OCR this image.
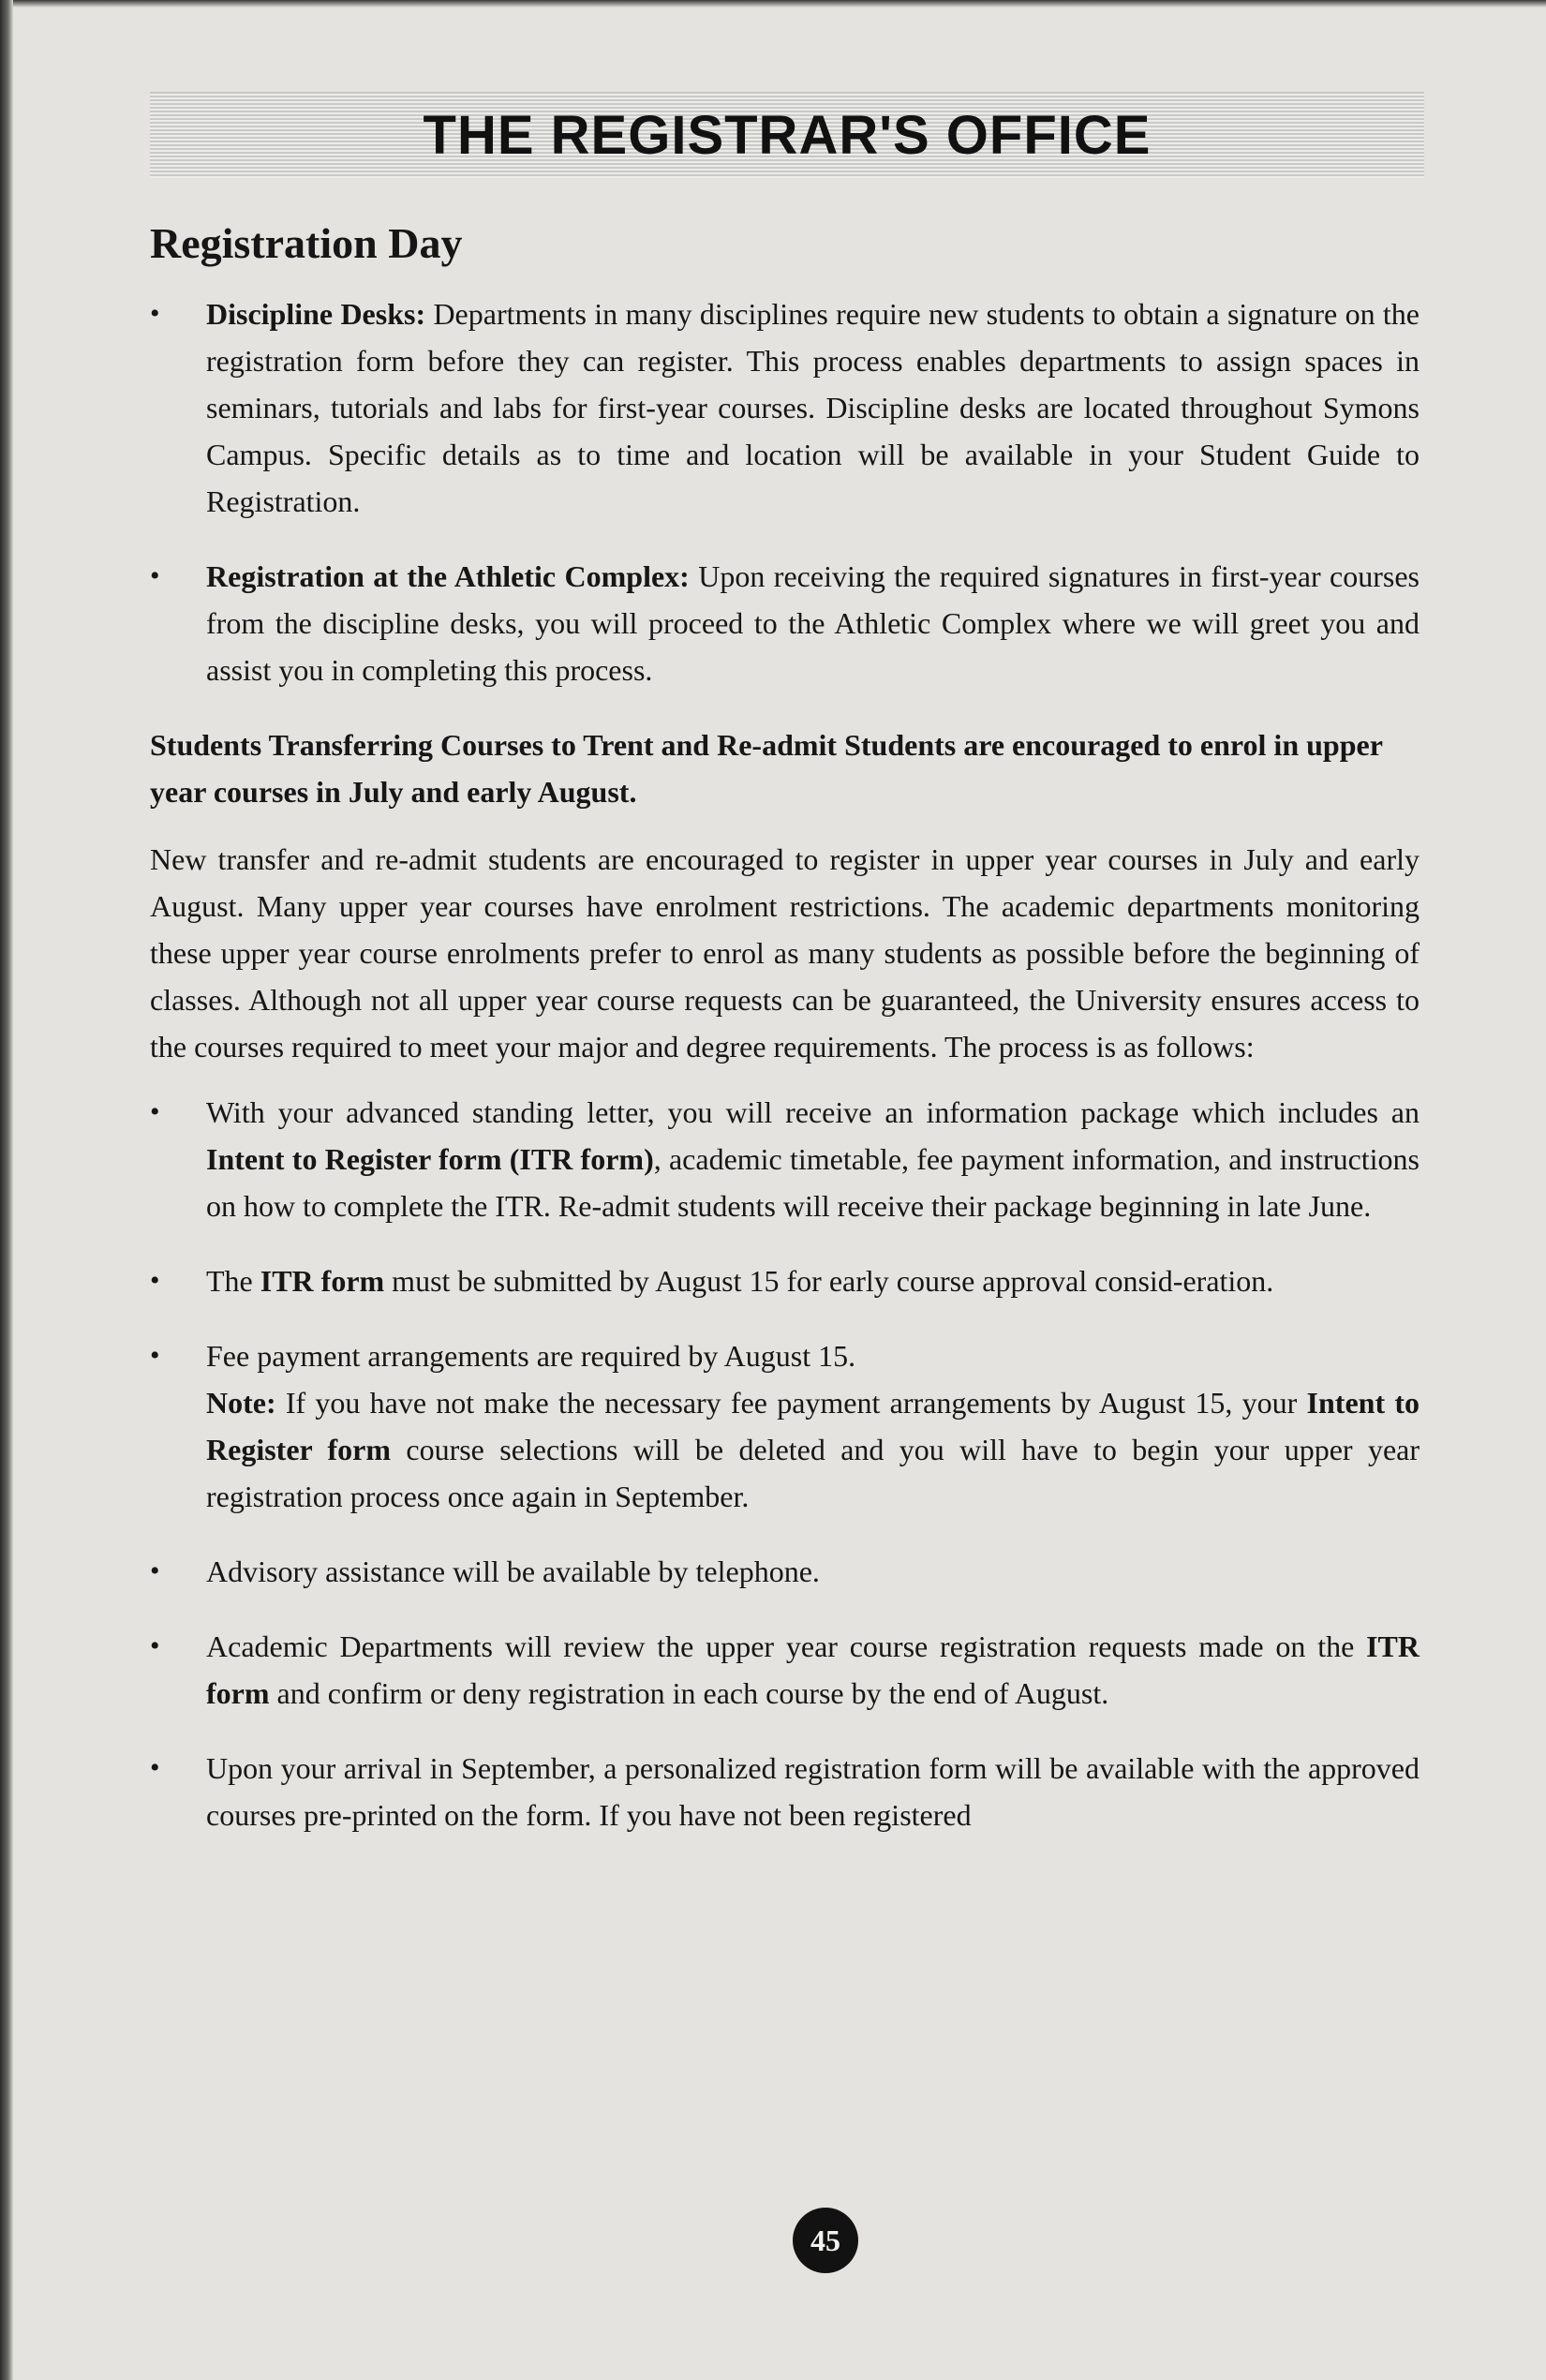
THE REGISTRAR'S OFFICE
Registration Day
• Discipline Desks: Departments in many disciplines require new students to obtain a signature on the registration form before they can register. This process enables departments to assign spaces in seminars, tutorials and labs for first-year courses. Discipline desks are located throughout Symons Campus. Specific details as to time and location will be available in your Student Guide to Registration.
• Registration at the Athletic Complex: Upon receiving the required signatures in first-year courses from the discipline desks, you will proceed to the Athletic Complex where we will greet you and assist you in completing this process.

Students Transferring Courses to Trent and Re-admit Students are encouraged to enrol in upper year courses in July and early August.

New transfer and re-admit students are encouraged to register in upper year courses in July and early August. Many upper year courses have enrolment restrictions. The academic departments monitoring these upper year course enrolments prefer to enrol as many students as possible before the beginning of classes. Although not all upper year course requests can be guaranteed, the University ensures access to the courses required to meet your major and degree requirements. The process is as follows:

• With your advanced standing letter, you will receive an information package which includes an Intent to Register form (ITR form), academic timetable, fee payment information, and instructions on how to complete the ITR. Re-admit students will receive their package beginning in late June.
• The ITR form must be submitted by August 15 for early course approval consid-eration.
• Fee payment arrangements are required by August 15.
Note: If you have not make the necessary fee payment arrangements by August 15, your Intent to Register form course selections will be deleted and you will have to begin your upper year registration process once again in September.
• Advisory assistance will be available by telephone.
• Academic Departments will review the upper year course registration requests made on the ITR form and confirm or deny registration in each course by the end of August.
• Upon your arrival in September, a personalized registration form will be available with the approved courses pre-printed on the form. If you have not been registered
45
